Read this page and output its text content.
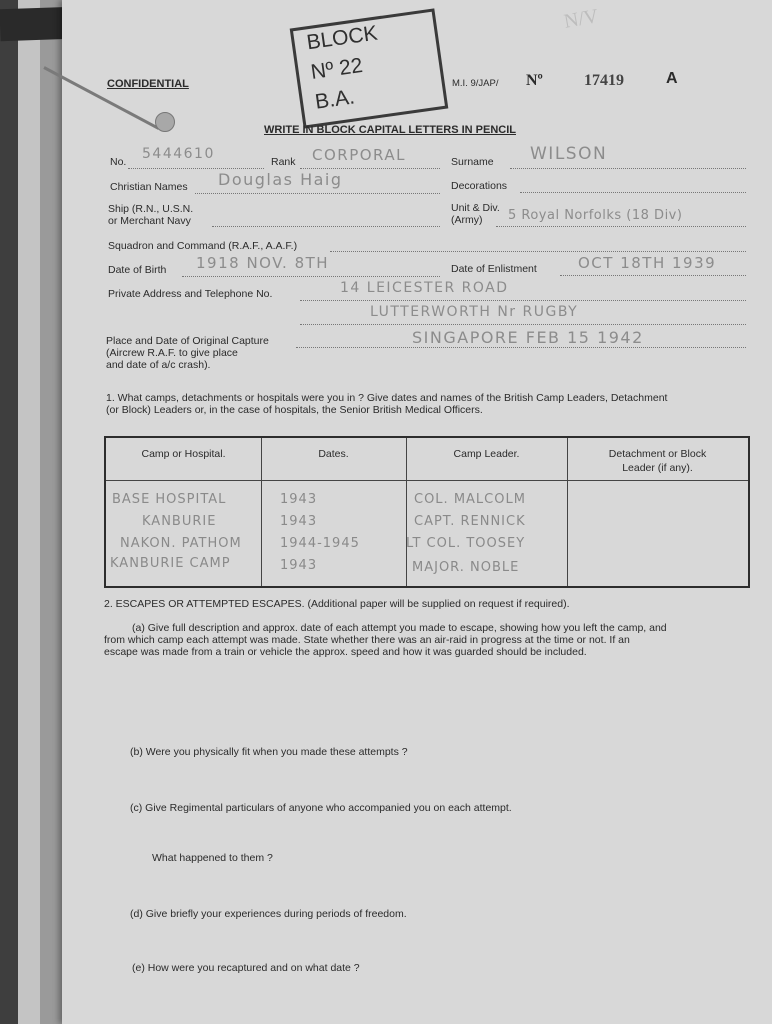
N/V
BLOCK
Nº 22
B.A.
CONFIDENTIAL	M.I. 9/JAP/ Nº	17419	A
WRITE IN BLOCK CAPITAL LETTERS IN PENCIL
No. 5444610	Rank CORPORAL	Surname WILSON
Christian Names Douglas Haig	Decorations
Ship (R.N., U.S.N.
or Merchant Navy
Unit & Div.
(Army) 5 Royal Norfolks (18 Div)
Squadron and Command (R.A.F., A.A.F.)
Date of Birth 1918 NOV. 8TH	Date of Enlistment	OCT 18TH 1939
Private Address and Telephone No.	14 LEICESTER ROAD
LUTTERWORTH Nr RUGBY
Place and Date of Original Capture
(Aircrew R.A.F. to give place
and date of a/c crash).
SINGAPORE FEB 15 1942
1. What camps, detachments or hospitals were you in ? Give dates and names of the British Camp Leaders, Detachment
(or Block) Leaders or, in the case of hospitals, the Senior British Medical Officers.
Camp or Hospital.	Dates.	Camp Leader.	Detachment or Block
Leader (if any).
BASE HOSPITAL	1943	COL. MALCOLM
KANBURIE	1943	CAPT. RENNICK
NAKON. PATHOM	1944-1945	LT COL. TOOSEY
KANBURIE CAMP	1943	MAJOR. NOBLE
2. ESCAPES OR ATTEMPTED ESCAPES. (Additional paper will be supplied on request if required).
(a) Give full description and approx. date of each attempt you made to escape, showing how you left the camp, and
from which camp each attempt was made. State whether there was an air-raid in progress at the time or not. If an
escape was made from a train or vehicle the approx. speed and how it was guarded should be included.
(b) Were you physically fit when you made these attempts ?
(c) Give Regimental particulars of anyone who accompanied you on each attempt.
What happened to them ?
(d) Give briefly your experiences during periods of freedom.
(e) How were you recaptured and on what date ?
